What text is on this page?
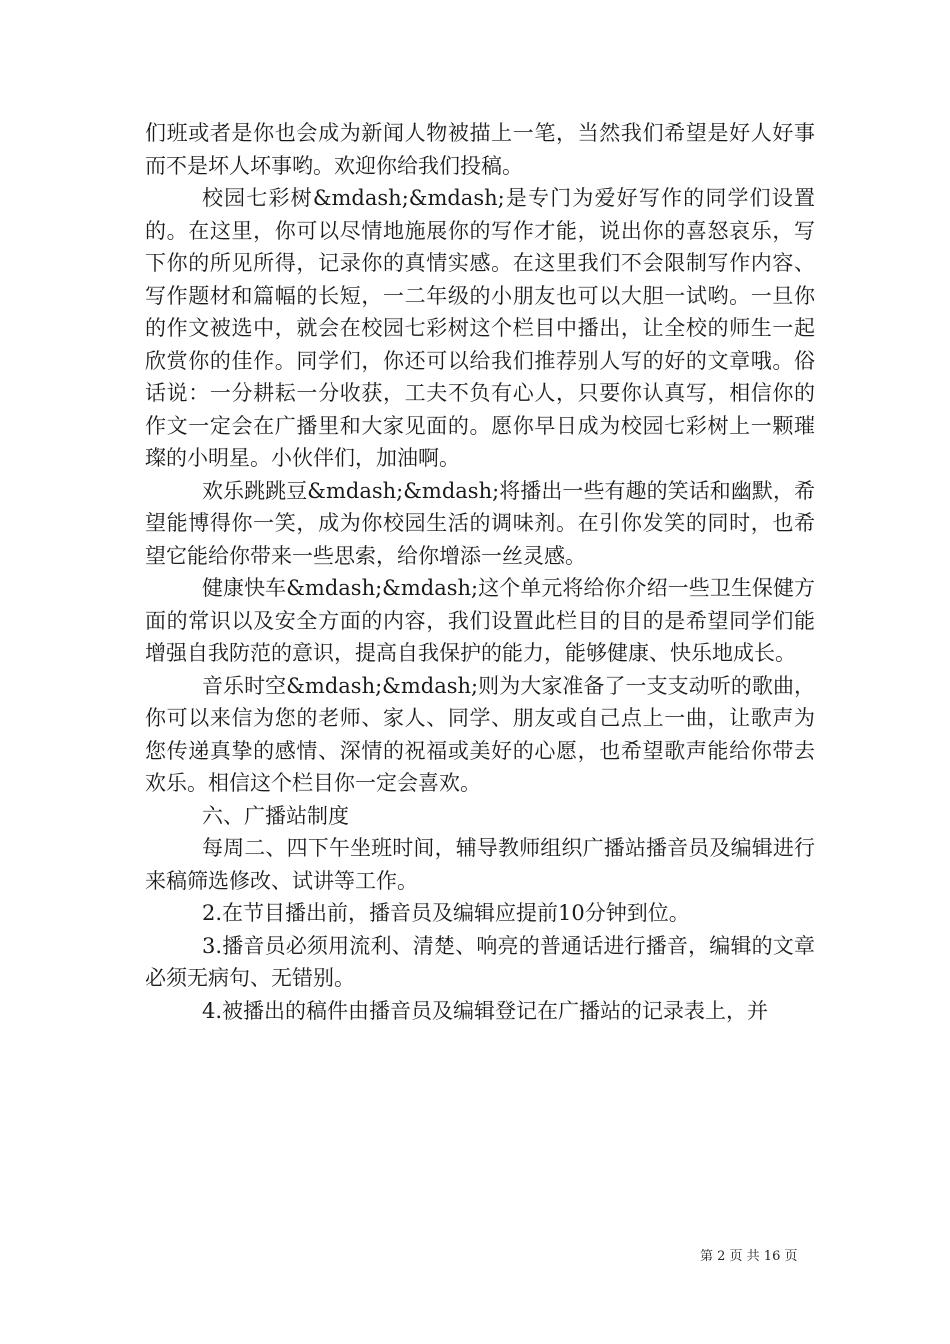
们班或者是你也会成为新闻人物被描上一笔，当然我们希望是好人好事而不是坏人坏事哟。欢迎你给我们投稿。

校园七彩树&mdash;&mdash;是专门为爱好写作的同学们设置的。在这里，你可以尽情地施展你的写作才能，说出你的喜怒哀乐，写下你的所见所得，记录你的真情实感。在这里我们不会限制写作内容、写作题材和篇幅的长短，一二年级的小朋友也可以大胆一试哟。一旦你的作文被选中，就会在校园七彩树这个栏目中播出，让全校的师生一起欣赏你的佳作。同学们，你还可以给我们推荐别人写的好的文章哦。俗话说：一分耕耘一分收获，工夫不负有心人，只要你认真写，相信你的作文一定会在广播里和大家见面的。愿你早日成为校园七彩树上一颗璀璨的小明星。小伙伴们，加油啊。

欢乐跳跳豆&mdash;&mdash;将播出一些有趣的笑话和幽默，希望能博得你一笑，成为你校园生活的调味剂。在引你发笑的同时，也希望它能给你带来一些思索，给你增添一丝灵感。

健康快车&mdash;&mdash;这个单元将给你介绍一些卫生保健方面的常识以及安全方面的内容，我们设置此栏目的目的是希望同学们能增强自我防范的意识，提高自我保护的能力，能够健康、快乐地成长。

音乐时空&mdash;&mdash;则为大家准备了一支支动听的歌曲，你可以来信为您的老师、家人、同学、朋友或自己点上一曲，让歌声为您传递真挚的感情、深情的祝福或美好的心愿，也希望歌声能给你带去欢乐。相信这个栏目你一定会喜欢。

六、广播站制度

每周二、四下午坐班时间，辅导教师组织广播站播音员及编辑进行来稿筛选修改、试讲等工作。

2.在节目播出前，播音员及编辑应提前10分钟到位。

3.播音员必须用流利、清楚、响亮的普通话进行播音，编辑的文章必须无病句、无错别。

4.被播出的稿件由播音员及编辑登记在广播站的记录表上，并

第 2 页 共 16 页
